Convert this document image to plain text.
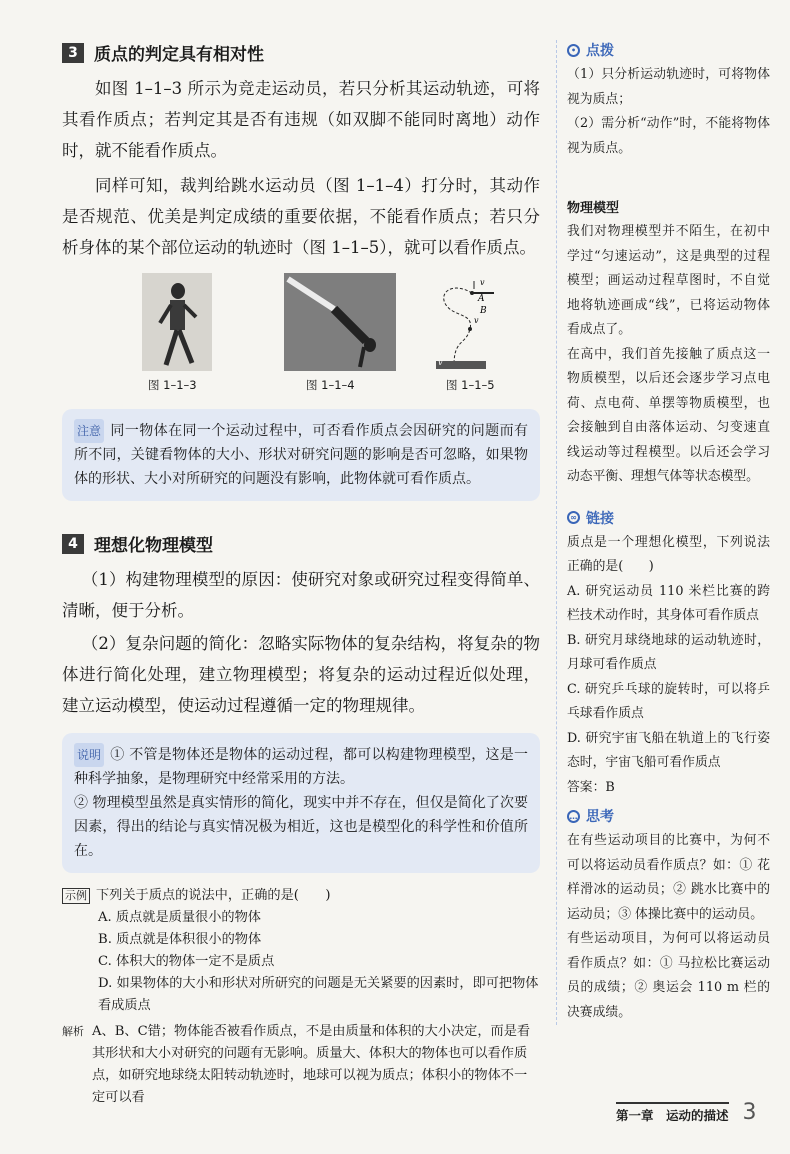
3 质点的判定具有相对性

如图 1–1–3 所示为竞走运动员，若只分析其运动轨迹，可将其看作质点；若判定其是否有违规（如双脚不能同时离地）动作时，就不能看作质点。

同样可知，裁判给跳水运动员（图 1–1–4）打分时，其动作是否规范、优美是判定成绩的重要依据，不能看作质点；若只分析身体的某个部位运动的轨迹时（图 1–1–5），就可以看作质点。

v
A
B
v
v
图 1–1–3	图 1–1–4	图 1–1–5
注意 同一物体在同一个运动过程中，可否看作质点会因研究的问题而有所不同，关键看物体的大小、形状对研究问题的影响是否可忽略，如果物体的形状、大小对所研究的问题没有影响，此物体就可看作质点。
4 理想化物理模型

（1）构建物理模型的原因：使研究对象或研究过程变得简单、清晰，便于分析。

（2）复杂问题的简化：忽略实际物体的复杂结构，将复杂的物体进行简化处理，建立物理模型；将复杂的运动过程近似处理，建立运动模型，使运动过程遵循一定的物理规律。

说明 ① 不管是物体还是物体的运动过程，都可以构建物理模型，这是一种科学抽象，是物理研究中经常采用的方法。
② 物理模型虽然是真实情形的简化，现实中并不存在，但仅是简化了次要因素，得出的结论与真实情况极为相近，这也是模型化的科学性和价值所在。
示例 下列关于质点的说法中，正确的是(　　)
A. 质点就是质量很小的物体
B. 质点就是体积很小的物体
C. 体积大的物体一定不是质点
D. 如果物体的大小和形状对所研究的问题是无关紧要的因素时，即可把物体看成质点
解析 A、B、C错；物体能否被看作质点，不是由质量和体积的大小决定，而是看其形状和大小对研究的问题有无影响。质量大、体积大的物体也可以看作质点，如研究地球绕太阳转动轨迹时，地球可以视为质点；体积小的物体不一定可以看
• 点拨
（1）只分析运动轨迹时，可将物体视为质点；
（2）需分析“动作”时，不能将物体视为质点。
物理模型
我们对物理模型并不陌生，在初中学过“匀速运动”，这是典型的过程模型；画运动过程草图时，不自觉地将轨迹画成“线”，已将运动物体看成点了。
在高中，我们首先接触了质点这一物质模型，以后还会逐步学习点电荷、点电荷、单摆等物质模型，也会接触到自由落体运动、匀变速直线运动等过程模型。以后还会学习动态平衡、理想气体等状态模型。
∞ 链接
质点是一个理想化模型，下列说法正确的是(　　)
A. 研究运动员 110 米栏比赛的跨栏技术动作时，其身体可看作质点
B. 研究月球绕地球的运动轨迹时，月球可看作质点
C. 研究乒乓球的旋转时，可以将乒乓球看作质点
D. 研究宇宙飞船在轨道上的飞行姿态时，宇宙飞船可看作质点
答案：B
… 思考
在有些运动项目的比赛中，为何不可以将运动员看作质点？如：① 花样滑冰的运动员；② 跳水比赛中的运动员；③ 体操比赛中的运动员。
有些运动项目，为何可以将运动员看作质点？如：① 马拉松比赛运动员的成绩；② 奥运会 110 m 栏的决赛成绩。
第一章　运动的描述 3
